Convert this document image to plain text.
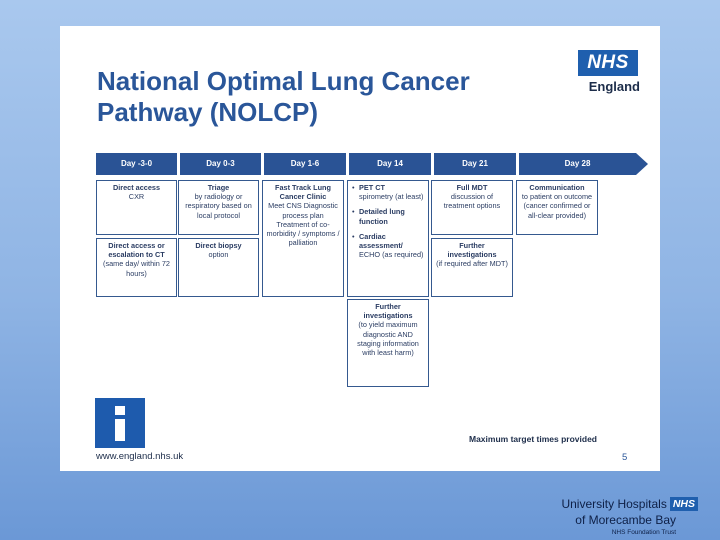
National Optimal Lung Cancer Pathway (NOLCP)
NHS
England
Day -3-0	Day 0-3	Day 1-6	Day 14	Day 21	Day 28
Direct access
CXR
Direct access or escalation to CT
(same day/ within 72 hours)
Triage
by radiology or respiratory based on local protocol
Direct biopsy
option
Fast Track Lung Cancer Clinic
Meet CNS Diagnostic process plan Treatment of co-morbidity / symptoms / palliation
• PET CT
spirometry (at least)
• Detailed lung function
• Cardiac assessment/
ECHO (as required)
Further investigations
(to yield maximum diagnostic AND staging information with least harm)
Full MDT
discussion of treatment options
Further investigations
(if required after MDT)
Communication
to patient on outcome (cancer confirmed or all-clear provided)
www.england.nhs.uk
Maximum target times provided
5
University Hospitals NHS
of Morecambe Bay
NHS Foundation Trust
